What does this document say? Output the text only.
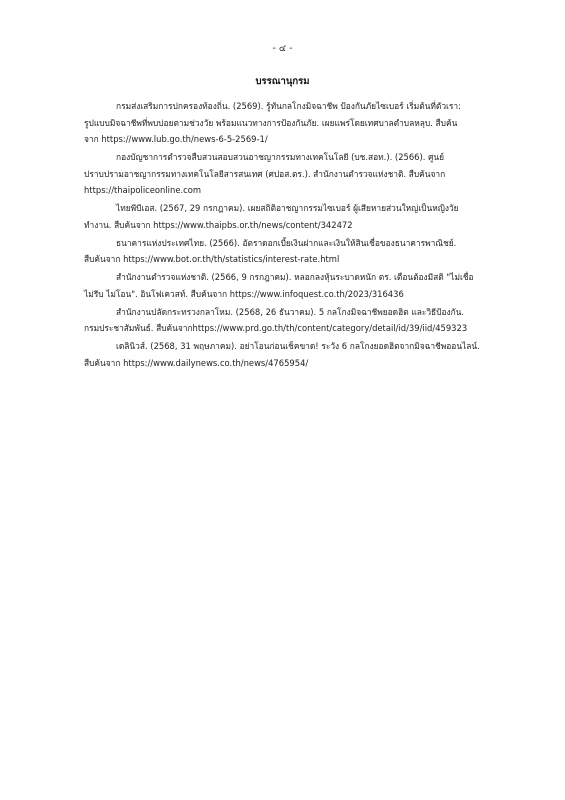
- ๔ -
บรรณานุกรม
กรมส่งเสริมการปกครองท้องถิ่น. (2569). รู้ทันกลโกงมิจฉาชีพ ป้องกันภัยไซเบอร์ เริ่มต้นที่ตัวเรา:
รูปแบบมิจฉาชีพที่พบบ่อยตามช่วงวัย พร้อมแนวทางการป้องกันภัย. เผยแพร่โดยเทศบาลตำบลหลุบ. สืบค้น
จาก https://www.lub.go.th/news-6-5-2569-1/
กองบัญชาการตำรวจสืบสวนสอบสวนอาชญากรรมทางเทคโนโลยี (บช.สอท.). (2566). ศูนย์
ปราบปรามอาชญากรรมทางเทคโนโลยีสารสนเทศ (ศปอส.ตร.). สำนักงานตำรวจแห่งชาติ. สืบค้นจาก
https://thaipoliceonline.com
ไทยพีบีเอส. (2567, 29 กรกฎาคม). เผยสถิติอาชญากรรมไซเบอร์ ผู้เสียหายส่วนใหญ่เป็นหญิงวัย
ทำงาน. สืบค้นจาก https://www.thaipbs.or.th/news/content/342472
ธนาคารแห่งประเทศไทย. (2566). อัตราดอกเบี้ยเงินฝากและเงินให้สินเชื่อของธนาคารพาณิชย์.
สืบค้นจาก https://www.bot.or.th/th/statistics/interest-rate.html
สำนักงานตำรวจแห่งชาติ. (2566, 9 กรกฎาคม). หลอกลงหุ้นระบาดหนัก ตร. เตือนต้องมีสติ "ไม่เชื่อ
ไม่รีบ ไม่โอน". อินโฟเควสท์. สืบค้นจาก https://www.infoquest.co.th/2023/316436
สำนักงานปลัดกระทรวงกลาโหม. (2568, 26 ธันวาคม). 5 กลโกงมิจฉาชีพยอดฮิต และวิธีป้องกัน.
กรมประชาสัมพันธ์. สืบค้นจากhttps://www.prd.go.th/th/content/category/detail/id/39/iid/459323
เดลินิวส์. (2568, 31 พฤษภาคม). อย่าโอนก่อนเช็คขาด! ระวัง 6 กลโกงยอดฮิตจากมิจฉาชีพออนไลน์.
สืบค้นจาก https://www.dailynews.co.th/news/4765954/
